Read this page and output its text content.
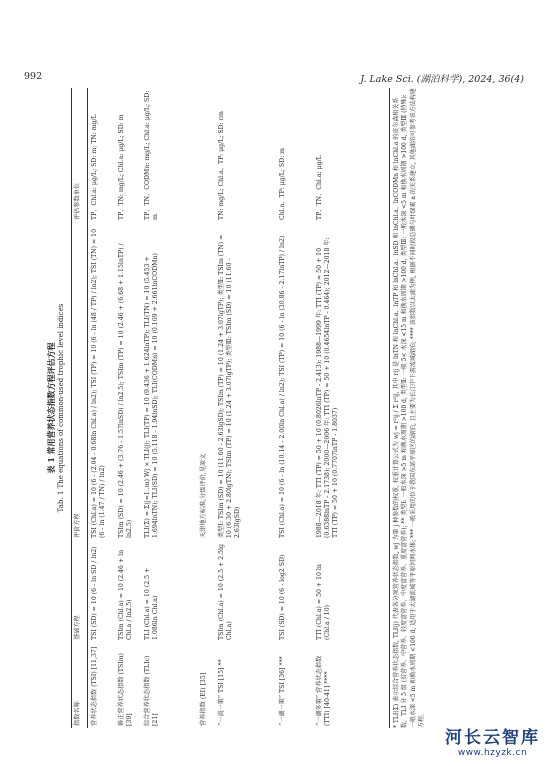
992	J. Lake Sci. (湖泊科学), 2024, 36(4)
表 1 常用营养状态指数方程评估方程 Tab. 1 The equations of common-used trophic level indices
指数名称
基础方程
评价方程
评估参数单位
营养状态指数 (TSI) [11,37]
TSI (SD) = 10 (6 - ln SD / ln2)
TSI (Chl.a) = 10 (6 - (2.04 - 0.68ln Chl.a) / ln2); TSI (TP) = 10 (6 - ln (48 / TP) / ln2); TSI (TN) = 10 (6 - ln (1.47 / TN) / ln2)
TP、Chl.a: μg/L; SD: m; TN: mg/L
修正营养状态指数 (TSIm) [39]
TSIm (Chl.a) = 10 (2.46 + ln Chl.a / ln2.5)
TSIm (SD) = 10 (2.46 + (3.76 - 1.57lnSD) / ln2.5); TSIm (TP) = 10 (2.46 + (6.68 + 1.15lnTP) / ln2.5)
TP、TN: mg/L; Chl.a: μg/L; SD: m
综合营养状态指数 (TLIc) [21]
TLI (Chl.a) = 10 (2.5 + 1.086ln Chl.a)
TLI(Σ) = Σ(j=1..m) Wj × TLI(j); TLI(TP) = 10 (9.436 + 1.624lnTP); TLI(TN) = 10 (5.453 + 1.694lnTN); TLI(SD) = 10 (5.118 - 1.94lnSD); TLI(CODMn) = 10 (0.109 + 2.661lnCODMn)
TP、TN、CODMn: mg/L; Chl.a: μg/L; SD: m
营养指数 (EI) [35]
天津地方标准,分级评价,见原文
“一流一策” TSI [15] **
TSIm (Chl.a) = 10 (2.5 + 2.5lg Chl.a)
类型Ⅰ: TSIm (SD) = 10 (11.60 - 2.63lgSD); TSIm (TP) = 10 (1.24 + 3.07lgTP); 类型Ⅱ: TSIm (TN) = 10 (6.30 + 2.80lgTN); TSIm (TP) = 10 (1.24 + 3.07lgTP); 类型Ⅲ: TSIm (SD) = 10 (11.60 - 2.63lgSD)
TN: mg/L; Chl.a、TP: μg/L; SD: cm
“一湖一策” TSI [36] ***
TSI (SD) = 10 (6 - log2 SD)
TSI (Chl.a) = 10 (6 - ln (10.14 - 2.00ln Chl.a) / ln2); TSI (TP) = 10 (6 - ln (30.86 - 2.17lnTP) / ln2)
Chl.a、TP: μg/L; SD: m
“一湖多策” 营养状态指数 (TTI) [40-41] ****
TTI (Chl.a) = 50 + 10 ln (Chl.a / 10)
1988—2018 年: TTI (TP) = 50 + 10 (0.8026lnTP - 2.413); 1988—1999 年: TTI (TP) = 50 + 10 (0.6388lnTP - 2.1738); 2000—2006 年: TTI (TP) = 50 + 10 (0.4654lnTP - 0.464); 2012—2018 年: TTI (TP) = 50 + 10 (0.7707lnTP - 1.8037)
TP、TN、Chl.a: μg/L	* TLI(Σ) 表示综合营养状态指数, TLI(j) 代表各分项营养状态指数, wj 为第 j 种参数的权重, 权重计算公式为 wj = r²ij / Σ r²ij, 其中 rij 是 lnTN 和 lnChl.a、lnTP 和 lnChl.a、lnSD 和 lnChl.a、lnCODMn 和 lnChl.a 的皮尔森相关系数。TLI 分 5 级 (贫营养、中营养、轻度富营养、中度富营养、重度富营养); ** 类型Ⅰ: 一般水深 >5 m 和换水周期 >100 d, 类型Ⅱ: 一般 5< 水深 <15 m 和换水周期 >100 d, 类型Ⅲ: 一般水深 <5 m 和换水周期 >100 d, 类型Ⅲ (特殊): 一般水深 <5 m 和换水周期 <100 d, 适用于太湖流域等平原河网水体; *** 一般采用的位于我国东部平原区的湖泊, 且主要为长江中下游流域湖泊; **** 该指数以太湖为例, 根据不同时段总磷与叶绿素 a 的关系建立, 其他湖泊可参考该方法构建方程。
河长云智库
www.hzyzk.cn
